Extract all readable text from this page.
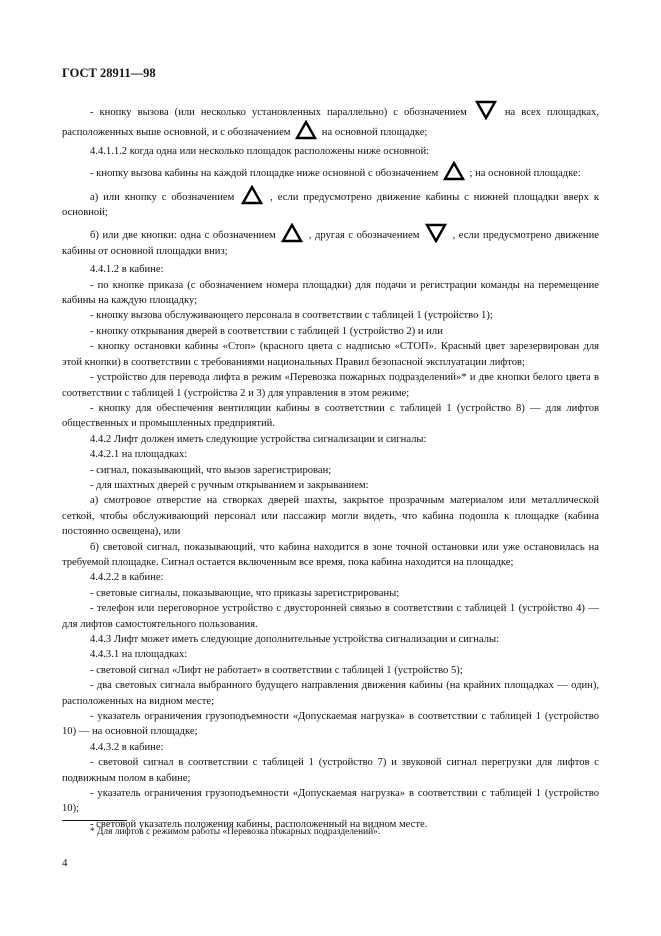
ГОСТ 28911—98

- кнопку вызова (или несколько установленных параллельно) с обозначением	на всех площадках, расположенных выше основной, и с обозначением	на основной площадке;

4.4.1.1.2 когда одна или несколько площадок расположены ниже основной:

- кнопку вызова кабины на каждой площадке ниже основной с обозначением	; на основной площадке:

а) или кнопку с обозначением	, если предусмотрено движение кабины с нижней площадки вверх к основной;

б) или две кнопки: одна с обозначением	, другая с обозначением	, если предусмотрено движение кабины от основной площадки вниз;

4.4.1.2 в кабине:

- по кнопке приказа (с обозначением номера площадки) для подачи и регистрации команды на перемещение кабины на каждую площадку;

- кнопку вызова обслуживающего персонала в соответствии с таблицей 1 (устройство 1);

- кнопку открывания дверей в соответствии с таблицей 1 (устройство 2) и или

- кнопку остановки кабины «Стоп» (красного цвета с надписью «СТОП». Красный цвет зарезервирован для этой кнопки) в соответствии с требованиями национальных Правил безопасной эксплуатации лифтов;

- устройство для перевода лифта в режим «Перевозка пожарных подразделений»* и две кнопки белого цвета в соответствии с таблицей 1 (устройства 2 и 3) для управления в этом режиме;

- кнопку для обеспечения вентиляции кабины в соответствии с таблицей 1 (устройство 8) — для лифтов общественных и промышленных предприятий.

4.4.2 Лифт должен иметь следующие устройства сигнализации и сигналы:

4.4.2.1 на площадках:

- сигнал, показывающий, что вызов зарегистрирован;

- для шахтных дверей с ручным открыванием и закрыванием:

а) смотровое отверстие на створках дверей шахты, закрытое прозрачным материалом или металлической сеткой, чтобы обслуживающий персонал или пассажир могли видеть, что кабина подошла к площадке (кабина постоянно освещена), или

б) световой сигнал, показывающий, что кабина находится в зоне точной остановки или уже остановилась на требуемой площадке. Сигнал остается включенным все время, пока кабина находится на площадке;

4.4.2.2 в кабине:

- световые сигналы, показывающие, что приказы зарегистрированы;

- телефон или переговорное устройство с двусторонней связью в соответствии с таблицей 1 (устройство 4) — для лифтов самостоятельного пользования.

4.4.3 Лифт может иметь следующие дополнительные устройства сигнализации и сигналы:

4.4.3.1 на площадках:

- световой сигнал «Лифт не работает» в соответствии с таблицей 1 (устройство 5);

- два световых сигнала выбранного будущего направления движения кабины (на крайних площадках — один), расположенных на видном месте;

- указатель ограничения грузоподъемности «Допускаемая нагрузка» в соответствии с таблицей 1 (устройство 10) — на основной площадке;

4.4.3.2 в кабине:

- световой сигнал в соответствии с таблицей 1 (устройство 7) и звуковой сигнал перегрузки для лифтов с подвижным полом в кабине;

- указатель ограничения грузоподъемности «Допускаемая нагрузка» в соответствии с таблицей 1 (устройство 10);

- световой указатель положения кабины, расположенный на видном месте.

* Для лифтов с режимом работы «Перевозка пожарных подразделений».
4
